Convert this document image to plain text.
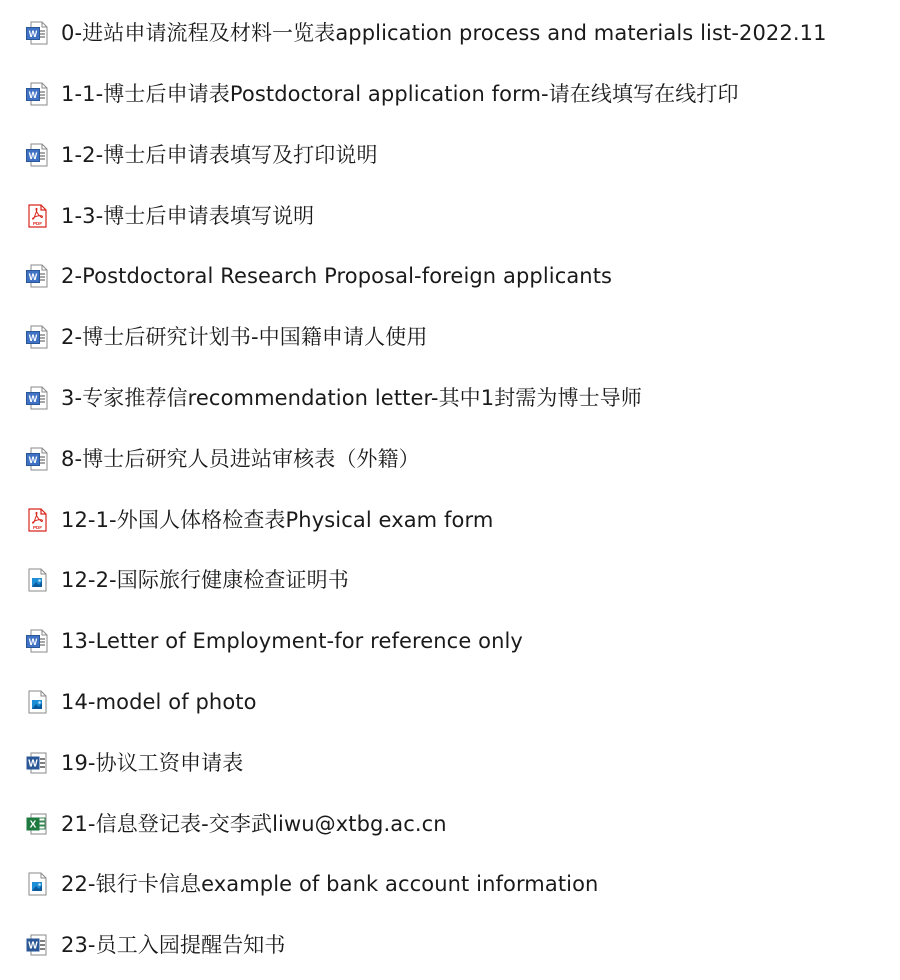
W 0-进站申请流程及材料一览表application process and materials list-2022.11
W 1-1-博士后申请表Postdoctoral application form-请在线填写在线打印
W 1-2-博士后申请表填写及打印说明
PDF 1-3-博士后申请表填写说明
W 2-Postdoctoral Research Proposal-foreign applicants
W 2-博士后研究计划书-中国籍申请人使用
W 3-专家推荐信recommendation letter-其中1封需为博士导师
W 8-博士后研究人员进站审核表（外籍）
PDF 12-1-外国人体格检查表Physical exam form
12-2-国际旅行健康检查证明书
W 13-Letter of Employment-for reference only
14-model of photo
W 19-协议工资申请表
X 21-信息登记表-交李武liwu@xtbg.ac.cn
22-银行卡信息example of bank account information
W 23-员工入园提醒告知书
